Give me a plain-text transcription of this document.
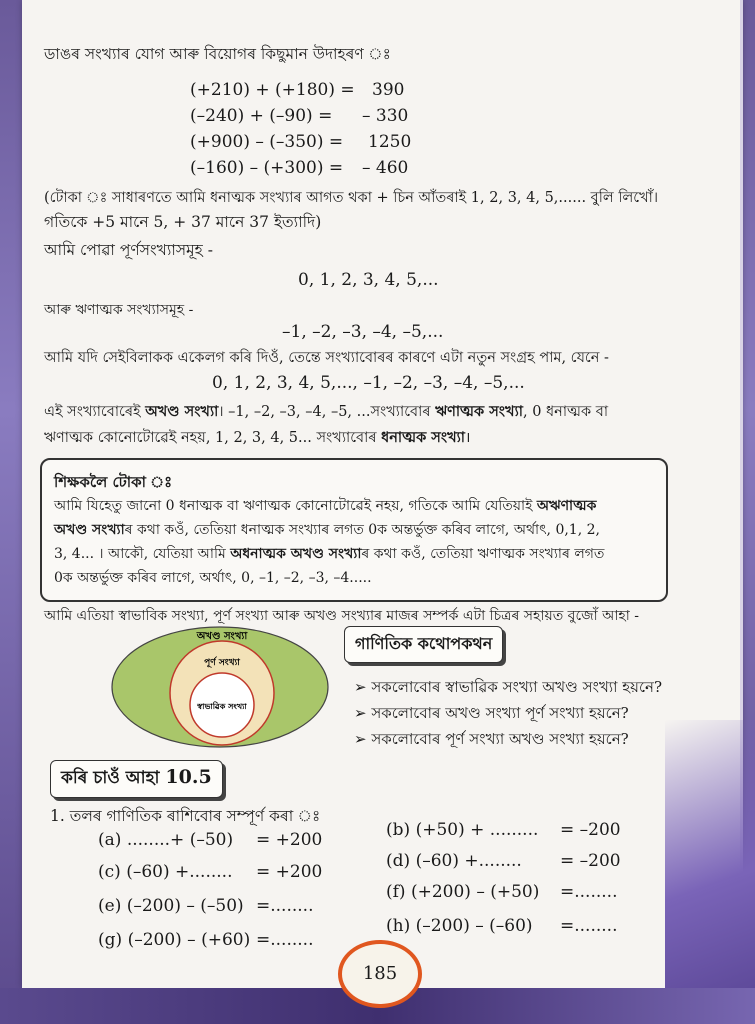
ডাঙৰ সংখ্যাৰ যোগ আৰু বিয়োগৰ কিছুমান উদাহৰণ ঃ
(+210) + (+180) = 390
(–240) + (–90) = – 330
(+900) – (–350) = 1250
(–160) – (+300) = – 460
(টোকা ঃ সাধাৰণতে আমি ধনাত্মক সংখ্যাৰ আগত থকা + চিন আঁতৰাই 1, 2, 3, 4, 5,...... বুলি লিখোঁ।
গতিকে +5 মানে 5, + 37 মানে 37 ইত্যাদি)
আমি পোৱা পূৰ্ণসংখ্যাসমূহ -
0, 1, 2, 3, 4, 5,...
আৰু ঋণাত্মক সংখ্যাসমূহ -
–1, –2, –3, –4, –5,...
আমি যদি সেইবিলাকক একেলগ কৰি দিওঁ, তেন্তে সংখ্যাবোৰৰ কাৰণে এটা নতুন সংগ্ৰহ পাম, যেনে -
0, 1, 2, 3, 4, 5,..., –1, –2, –3, –4, –5,...
এই সংখ্যাবোৰেই অখণ্ড সংখ্যা। –1, –2, –3, –4, –5, ...সংখ্যাবোৰ ঋণাত্মক সংখ্যা, 0 ধনাত্মক বা
ঋণাত্মক কোনোটোৱেই নহয়, 1, 2, 3, 4, 5... সংখ্যাবোৰ ধনাত্মক সংখ্যা।
শিক্ষকলৈ টোকা ঃ
আমি যিহেতু জানো 0 ধনাত্মক বা ঋণাত্মক কোনোটোৱেই নহয়, গতিকে আমি যেতিয়াই অঋণাত্মক
অখণ্ড সংখ্যাৰ কথা কওঁ, তেতিয়া ধনাত্মক সংখ্যাৰ লগত 0ক অন্তৰ্ভুক্ত কৰিব লাগে, অৰ্থাৎ, 0,1, 2,
3, 4... । আকৌ, যেতিয়া আমি অধনাত্মক অখণ্ড সংখ্যাৰ কথা কওঁ, তেতিয়া ঋণাত্মক সংখ্যাৰ লগত
0ক অন্তৰ্ভুক্ত কৰিব লাগে, অৰ্থাৎ, 0, –1, –2, –3, –4.....
আমি এতিয়া স্বাভাবিক সংখ্যা, পূৰ্ণ সংখ্যা আৰু অখণ্ড সংখ্যাৰ মাজৰ সম্পৰ্ক এটা চিত্ৰৰ সহায়ত বুজোঁ আহা -
অখণ্ড সংখ্যা
পূৰ্ণ সংখ্যা
স্বাভাৱিক সংখ্যা
গাণিতিক কথোপকথন
➢ সকলোবোৰ স্বাভাৱিক সংখ্যা অখণ্ড সংখ্যা হয়নে?
➢ সকলোবোৰ অখণ্ড সংখ্যা পূৰ্ণ সংখ্যা হয়নে?
➢ সকলোবোৰ পূৰ্ণ সংখ্যা অখণ্ড সংখ্যা হয়নে?
কৰি চাওঁ আহা 10.5
1. তলৰ গাণিতিক ৰাশিবোৰ সম্পূৰ্ণ কৰা ঃ
(a) ........+ (–50) = +200
(c) (–60) +........ = +200
(e) (–200) – (–50) =........
(g) (–200) – (+60) =........
(b) (+50) + ......... = –200
(d) (–60) +........ = –200
(f) (+200) – (+50) =........
(h) (–200) – (–60) =........
185
